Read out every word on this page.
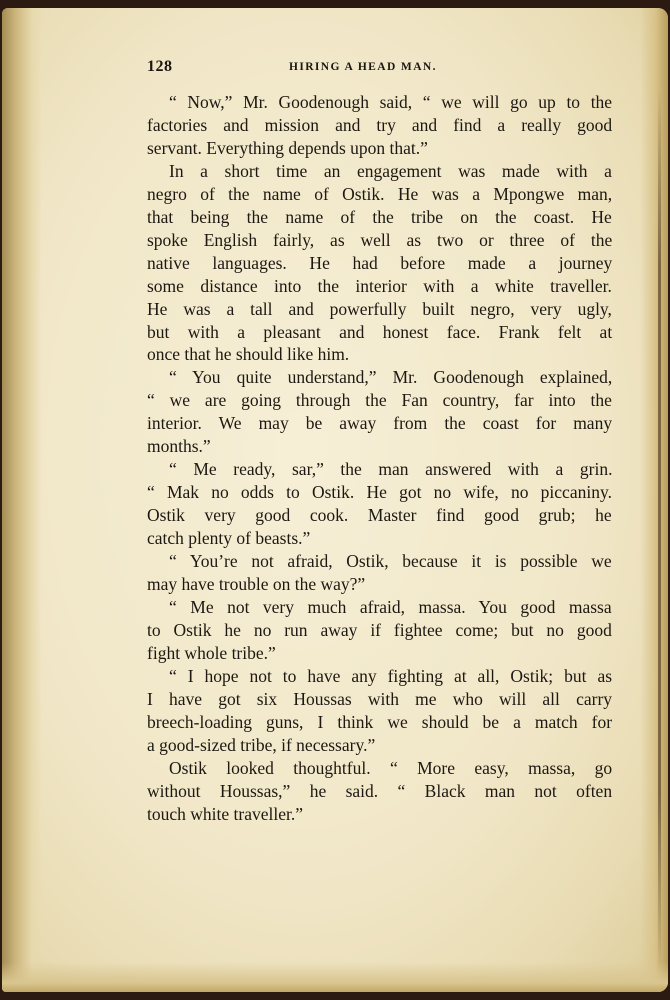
128	HIRING A HEAD MAN.

“ Now,” Mr. Goodenough said, “ we will go up to the
factories and mission and try and find a really good
servant. Everything depends upon that.”

In a short time an engagement was made with a
negro of the name of Ostik. He was a Mpongwe man,
that being the name of the tribe on the coast. He
spoke English fairly, as well as two or three of the
native languages. He had before made a journey
some distance into the interior with a white traveller.
He was a tall and powerfully built negro, very ugly,
but with a pleasant and honest face. Frank felt at
once that he should like him.

“ You quite understand,” Mr. Goodenough explained,
“ we are going through the Fan country, far into the
interior. We may be away from the coast for many
months.”

“ Me ready, sar,” the man answered with a grin.
“ Mak no odds to Ostik. He got no wife, no piccaniny.
Ostik very good cook. Master find good grub; he
catch plenty of beasts.”

“ You’re not afraid, Ostik, because it is possible we
may have trouble on the way?”

“ Me not very much afraid, massa. You good massa
to Ostik he no run away if fightee come; but no good
fight whole tribe.”

“ I hope not to have any fighting at all, Ostik; but as
I have got six Houssas with me who will all carry
breech-loading guns, I think we should be a match for
a good-sized tribe, if necessary.”

Ostik looked thoughtful. “ More easy, massa, go
without Houssas,” he said. “ Black man not often
touch white traveller.”
